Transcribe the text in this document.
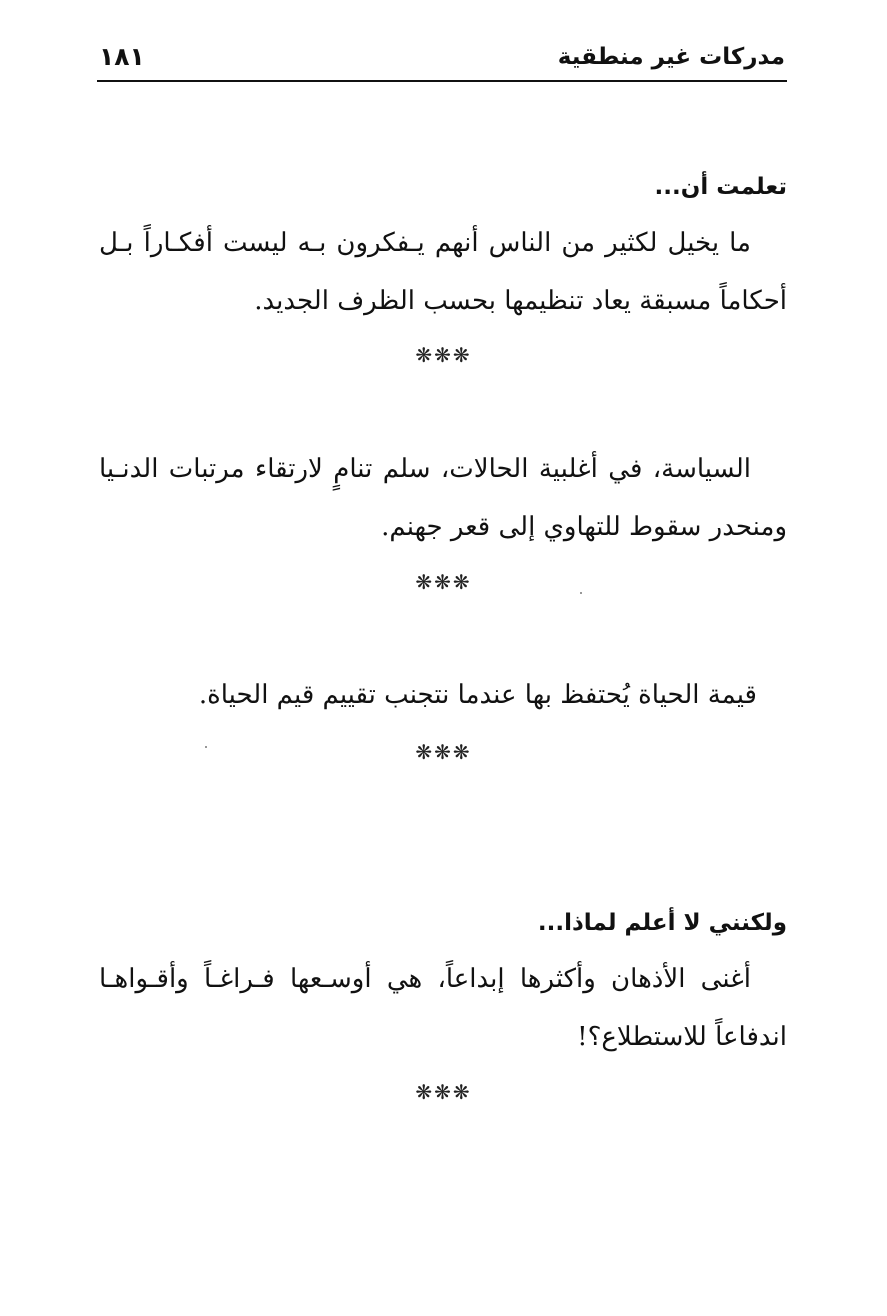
مدركات غير منطقية
١٨١
تعلمت أن...
ما يخيل لكثير من الناس أنهم يـفكرون بـه ليست أفكـاراً بـل
أحكاماً مسبقة يعاد تنظيمها بحسب الظرف الجديد.
❋❋❋
السياسة، في أغلبية الحالات، سلم تنامٍ لارتقاء مرتبات الدنـيا
ومنحدر سقوط للتهاوي إلى قعر جهنم.
❋❋❋
قيمة الحياة يُحتفظ بها عندما نتجنب تقييم قيم الحياة.
❋❋❋
ولكنني لا أعلم لماذا...
أغنى الأذهان وأكثرها إبداعاً، هي أوسـعها فـراغـاً وأقـواهـا
اندفاعاً للاستطلاع؟!
❋❋❋
